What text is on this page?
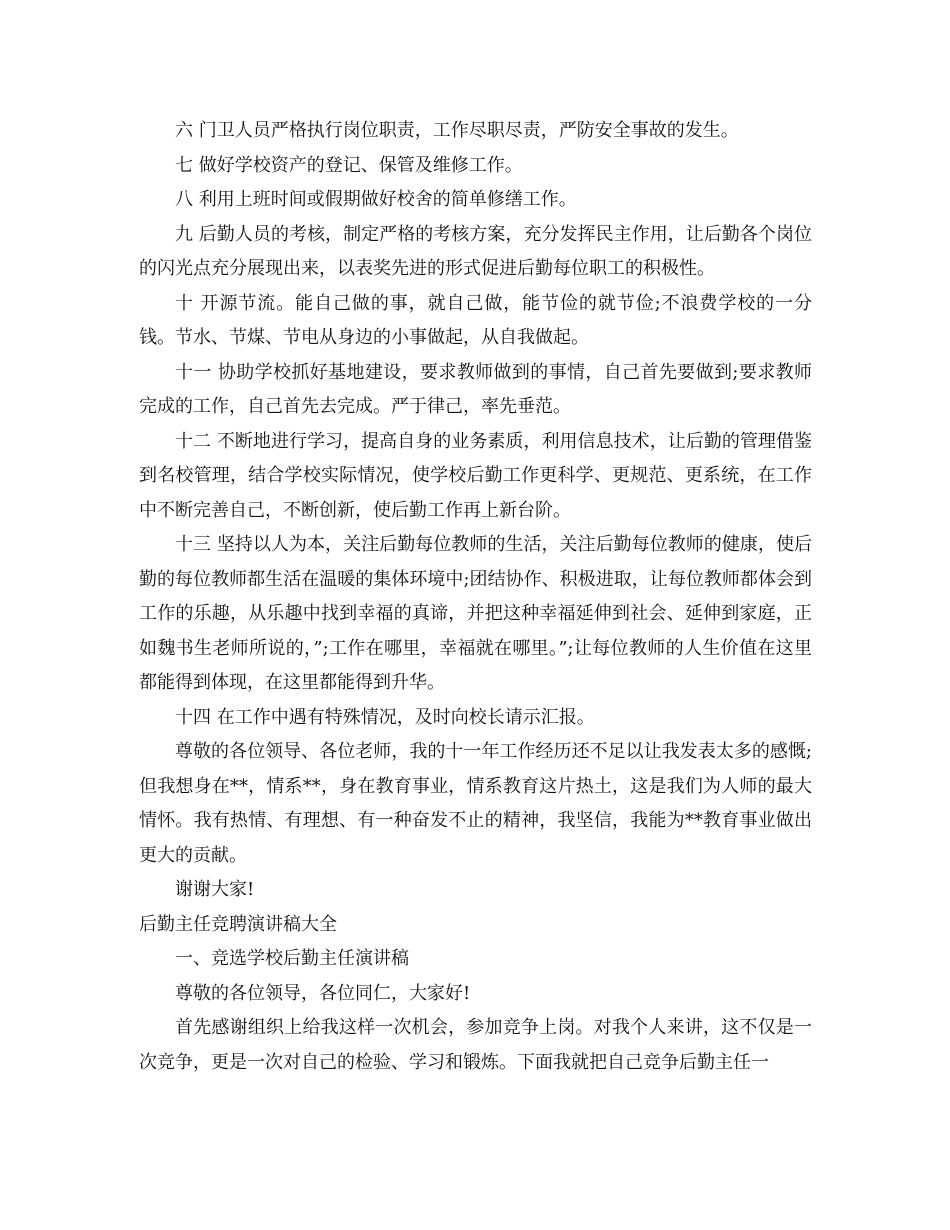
六 门卫人员严格执行岗位职责，工作尽职尽责，严防安全事故的发生。

七 做好学校资产的登记、保管及维修工作。

八 利用上班时间或假期做好校舍的简单修缮工作。

九 后勤人员的考核，制定严格的考核方案，充分发挥民主作用，让后勤各个岗位的闪光点充分展现出来，以表奖先进的形式促进后勤每位职工的积极性。

十 开源节流。能自己做的事，就自己做，能节俭的就节俭;不浪费学校的一分钱。节水、节煤、节电从身边的小事做起，从自我做起。

十一 协助学校抓好基地建设，要求教师做到的事情，自己首先要做到;要求教师完成的工作，自己首先去完成。严于律己，率先垂范。

十二 不断地进行学习，提高自身的业务素质，利用信息技术，让后勤的管理借鉴到名校管理，结合学校实际情况，使学校后勤工作更科学、更规范、更系统，在工作中不断完善自己，不断创新，使后勤工作再上新台阶。

十三 坚持以人为本，关注后勤每位教师的生活，关注后勤每位教师的健康，使后勤的每位教师都生活在温暖的集体环境中;团结协作、积极进取，让每位教师都体会到工作的乐趣，从乐趣中找到幸福的真谛，并把这种幸福延伸到社会、延伸到家庭，正如魏书生老师所说的，”;工作在哪里，幸福就在哪里。”;让每位教师的人生价值在这里都能得到体现，在这里都能得到升华。

十四 在工作中遇有特殊情况，及时向校长请示汇报。

尊敬的各位领导、各位老师，我的十一年工作经历还不足以让我发表太多的感慨;但我想身在**，情系**，身在教育事业，情系教育这片热土，这是我们为人师的最大情怀。我有热情、有理想、有一种奋发不止的精神，我坚信，我能为**教育事业做出更大的贡献。

谢谢大家!

后勤主任竞聘演讲稿大全

一、竞选学校后勤主任演讲稿

尊敬的各位领导，各位同仁，大家好!

首先感谢组织上给我这样一次机会，参加竞争上岗。对我个人来讲，这不仅是一次竞争，更是一次对自己的检验、学习和锻炼。下面我就把自己竞争后勤主任一
